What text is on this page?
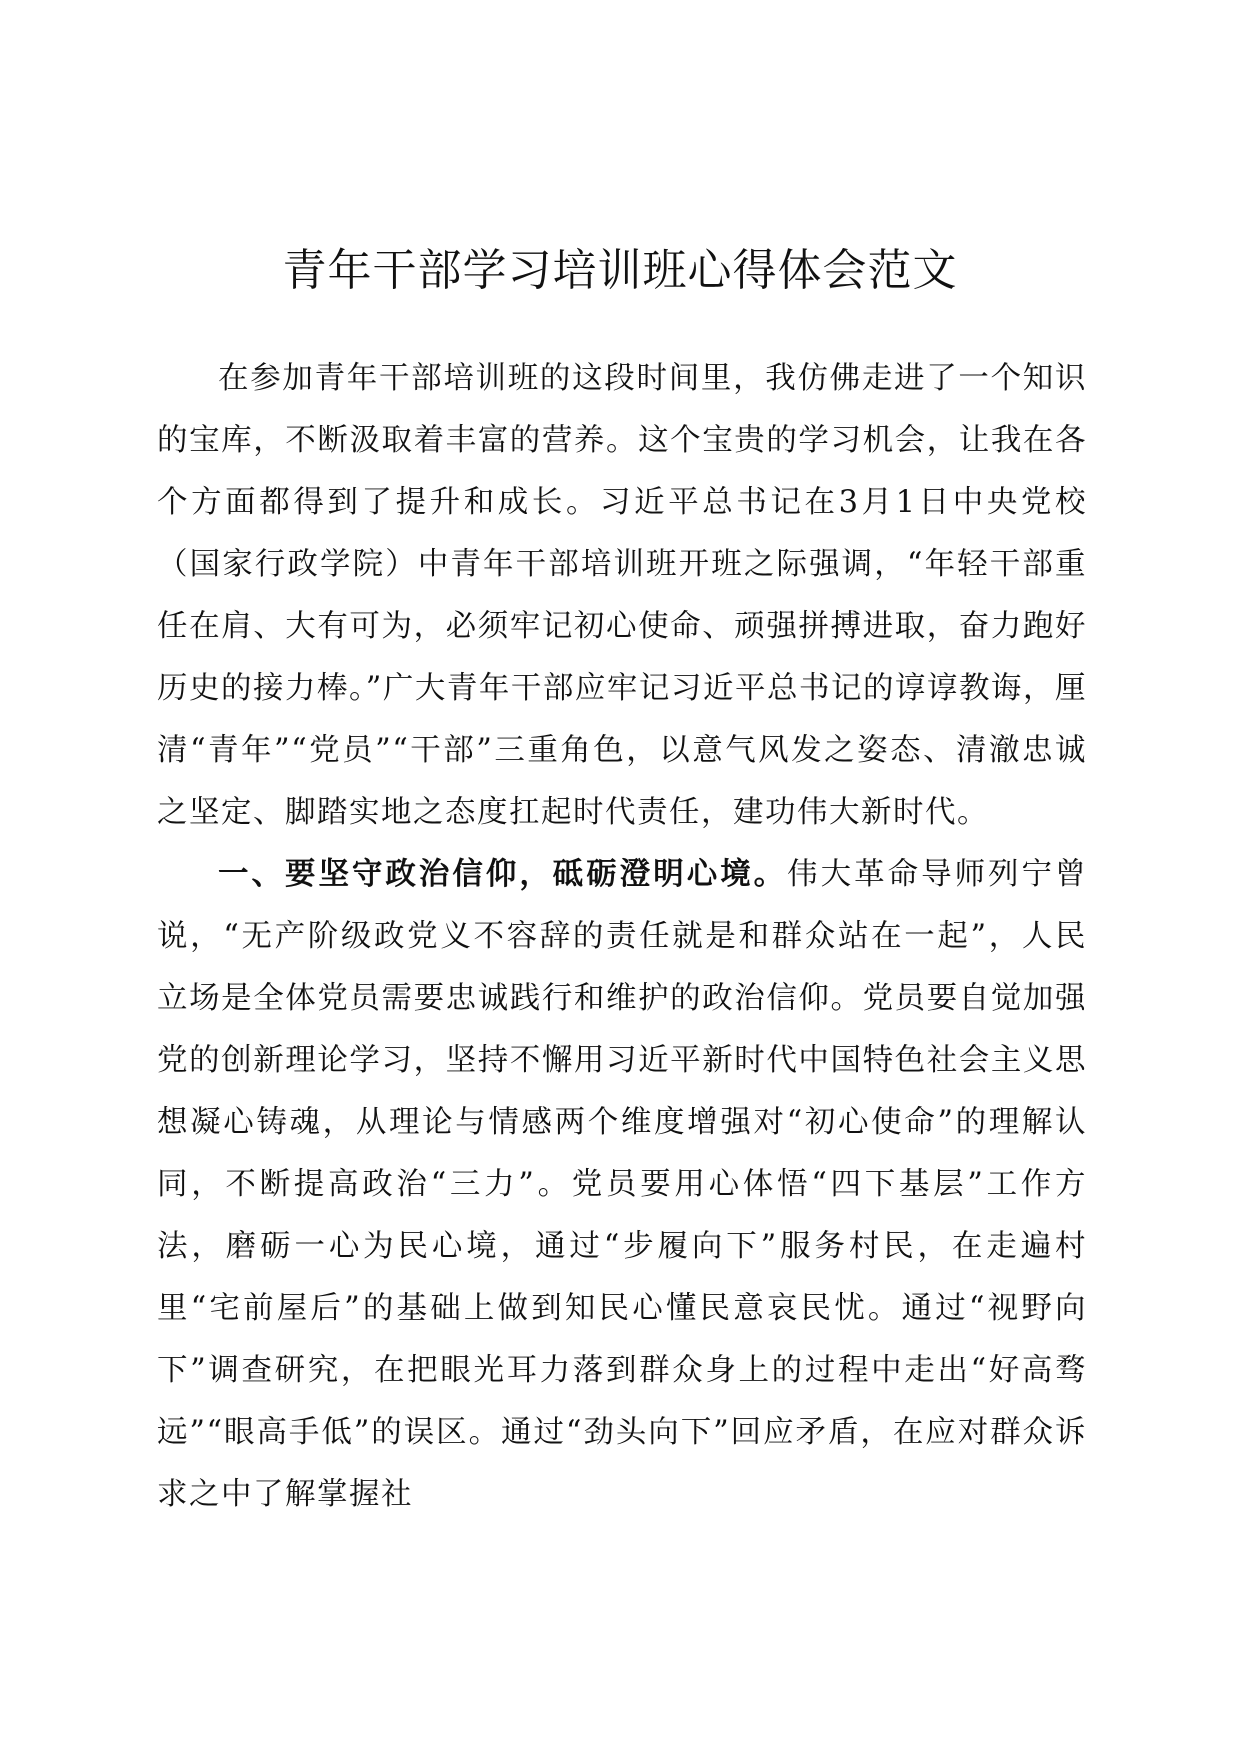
青年干部学习培训班心得体会范文

在参加青年干部培训班的这段时间里，我仿佛走进了一个知识的宝库，不断汲取着丰富的营养。这个宝贵的学习机会，让我在各个方面都得到了提升和成长。习近平总书记在3月1日中央党校（国家行政学院）中青年干部培训班开班之际强调，“年轻干部重任在肩、大有可为，必须牢记初心使命、顽强拼搏进取，奋力跑好历史的接力棒。”广大青年干部应牢记习近平总书记的谆谆教诲，厘清“青年”“党员”“干部”三重角色，以意气风发之姿态、清澈忠诚之坚定、脚踏实地之态度扛起时代责任，建功伟大新时代。

一、要坚守政治信仰，砥砺澄明心境。伟大革命导师列宁曾说，“无产阶级政党义不容辞的责任就是和群众站在一起”，人民立场是全体党员需要忠诚践行和维护的政治信仰。党员要自觉加强党的创新理论学习，坚持不懈用习近平新时代中国特色社会主义思想凝心铸魂，从理论与情感两个维度增强对“初心使命”的理解认同，不断提高政治“三力”。党员要用心体悟“四下基层”工作方法，磨砺一心为民心境，通过“步履向下”服务村民，在走遍村里“宅前屋后”的基础上做到知民心懂民意哀民忧。通过“视野向下”调查研究，在把眼光耳力落到群众身上的过程中走出“好高骛远”“眼高手低”的误区。通过“劲头向下”回应矛盾，在应对群众诉求之中了解掌握社
